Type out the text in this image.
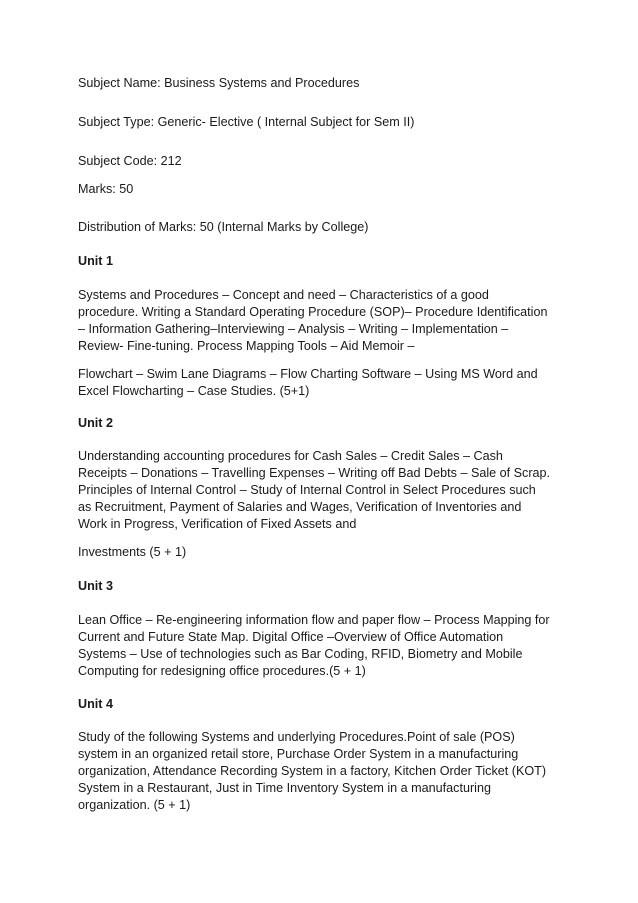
Subject Name: Business Systems and Procedures

Subject Type: Generic- Elective ( Internal Subject for Sem II)

Subject Code: 212

Marks: 50

Distribution of Marks: 50 (Internal Marks by College)

Unit 1

Systems and Procedures – Concept and need – Characteristics of a good
procedure. Writing a Standard Operating Procedure (SOP)– Procedure Identification
– Information Gathering–Interviewing – Analysis – Writing – Implementation –
Review- Fine-tuning. Process Mapping Tools – Aid Memoir –

Flowchart – Swim Lane Diagrams – Flow Charting Software – Using MS Word and
Excel Flowcharting – Case Studies. (5+1)

Unit 2

Understanding accounting procedures for Cash Sales – Credit Sales – Cash
Receipts – Donations – Travelling Expenses – Writing off Bad Debts – Sale of Scrap.
Principles of Internal Control – Study of Internal Control in Select Procedures such
as Recruitment, Payment of Salaries and Wages, Verification of Inventories and
Work in Progress, Verification of Fixed Assets and

Investments (5 + 1)

Unit 3

Lean Office – Re-engineering information flow and paper flow – Process Mapping for
Current and Future State Map. Digital Office –Overview of Office Automation
Systems – Use of technologies such as Bar Coding, RFID, Biometry and Mobile
Computing for redesigning office procedures.(5 + 1)

Unit 4

Study of the following Systems and underlying Procedures.Point of sale (POS)
system in an organized retail store, Purchase Order System in a manufacturing
organization, Attendance Recording System in a factory, Kitchen Order Ticket (KOT)
System in a Restaurant, Just in Time Inventory System in a manufacturing
organization. (5 + 1)
